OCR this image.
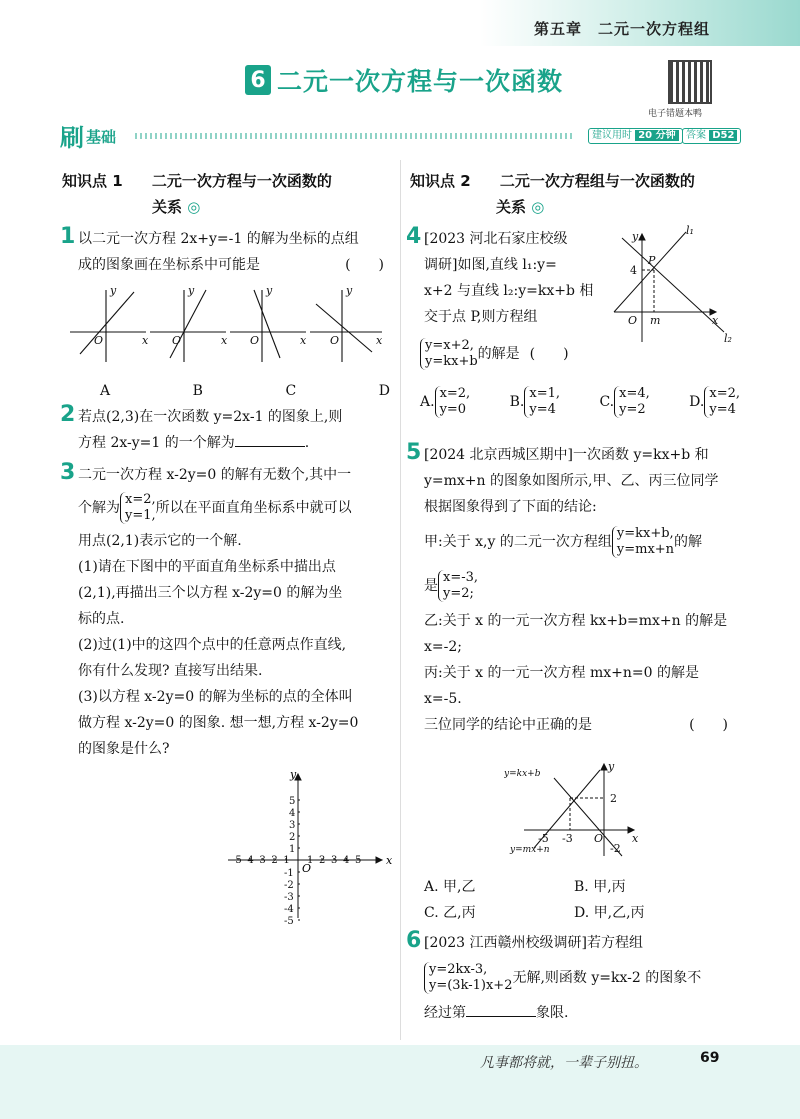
第五章　二元一次方程组
6 二元一次方程与一次函数
电子错题本鸭
刷 基础	建议用时 20 分钟	答案 D52
知识点 1 二元一次方程与一次函数的
关系 ◎
1 以二元一次方程 2x+y=-1 的解为坐标的点组
成的图象画在坐标系中可能是	(　　)
y
x
O
y
x
O
y
x
O
y
x
O
A	B	C	D
2 若点(2,3)在一次函数 y=2x-1 的图象上,则
方程 2x-y=1 的一个解为	.
3 二元一次方程 x-2y=0 的解有无数个,其中一
个解为x=2,
y=1,所以在平面直角坐标系中就可以
用点(2,1)表示它的一个解.
(1)请在下图中的平面直角坐标系中描出点
(2,1),再描出三个以方程 x-2y=0 的解为坐
标的点.
(2)过(1)中的这四个点中的任意两点作直线,
你有什么发现? 直接写出结果.
(3)以方程 x-2y=0 的解为坐标的点的全体叫
做方程 x-2y=0 的图象. 想一想,方程 x-2y=0
的图象是什么?
-5 -4 -3 -2 -1 1 2 3 4 5
5
4
3
2
1
-1
-2
-3
-4
-5
x
y
O
知识点 2 二元一次方程组与一次函数的
关系 ◎
4 [2023 河北石家庄校级
调研]如图,直线 l₁:y=
x+2 与直线 l₂:y=kx+b 相
交于点 P,则方程组
y=x+2,
y=kx+b的解是 (　　)
y
x
l₁
l₂
P
4
O m
A.x=2,
y=0	B.x=1,
y=4	C.x=4,
y=2	D.x=2,
y=4
5 [2024 北京西城区期中]一次函数 y=kx+b 和
y=mx+n 的图象如图所示,甲、乙、丙三位同学
根据图象得到了下面的结论:
甲:关于 x,y 的二元一次方程组y=kx+b,
y=mx+n的解
是x=-3,
y=2;
乙:关于 x 的一元一次方程 kx+b=mx+n 的解是
x=-2;
丙:关于 x 的一元一次方程 mx+n=0 的解是
x=-5.
三位同学的结论中正确的是	(　　)
y=kx+b
y=mx+n
y
x
2
-5 -3 O
-2
A. 甲,乙	B. 甲,丙
C. 乙,丙	D. 甲,乙,丙
6 [2023 江西赣州校级调研]若方程组
y=2kx-3,
y=(3k-1)x+2无解,则函数 y=kx-2 的图象不
经过第	象限.
凡事都将就，一辈子别扭。	69
